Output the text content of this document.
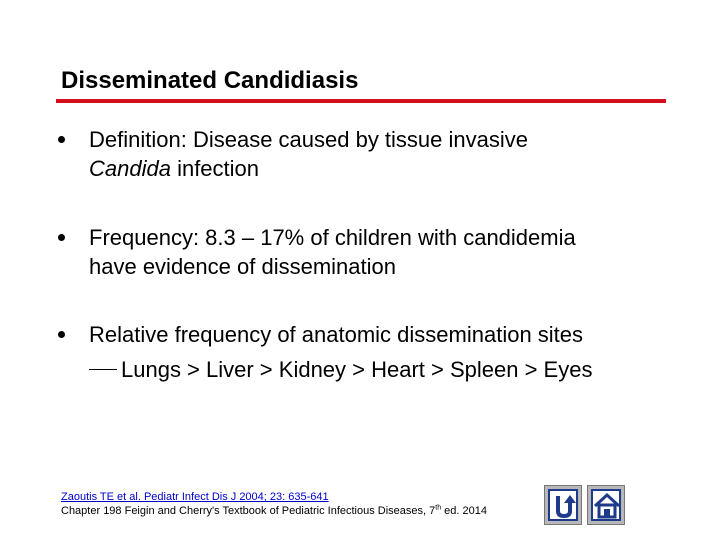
Disseminated Candidiasis
Definition: Disease caused by tissue invasive
Candida infection
Frequency: 8.3 – 17% of children with candidemia
have evidence of dissemination
Relative frequency of anatomic dissemination sites
Lungs > Liver > Kidney > Heart > Spleen > Eyes
Zaoutis TE et al. Pediatr Infect Dis J 2004; 23: 635-641
Chapter 198 Feigin and Cherry's Textbook of Pediatric Infectious Diseases, 7th ed. 2014
